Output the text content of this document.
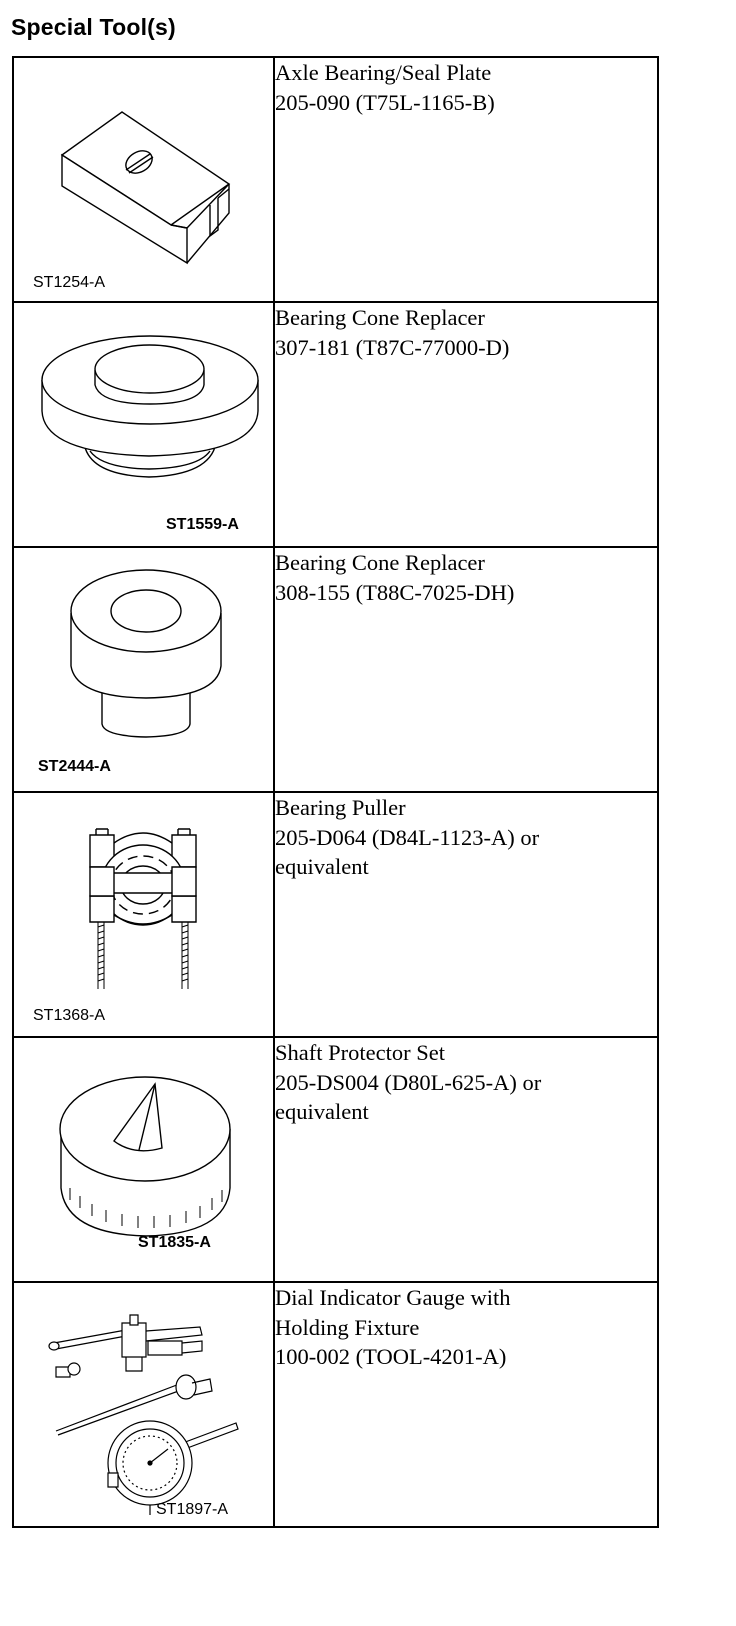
Special Tool(s)
ST1254-A	Axle Bearing/Seal Plate
205-090 (T75L-1165-B)

ST1559-A	Bearing Cone Replacer
307-181 (T87C-77000-D)

ST2444-A	Bearing Cone Replacer
308-155 (T88C-7025-DH)

ST1368-A	Bearing Puller
205-D064 (D84L-1123-A) or
equivalent

ST1835-A	Shaft Protector Set
205-DS004 (D80L-625-A) or
equivalent

ST1897-A	Dial Indicator Gauge with
Holding Fixture
100-002 (TOOL-4201-A)
